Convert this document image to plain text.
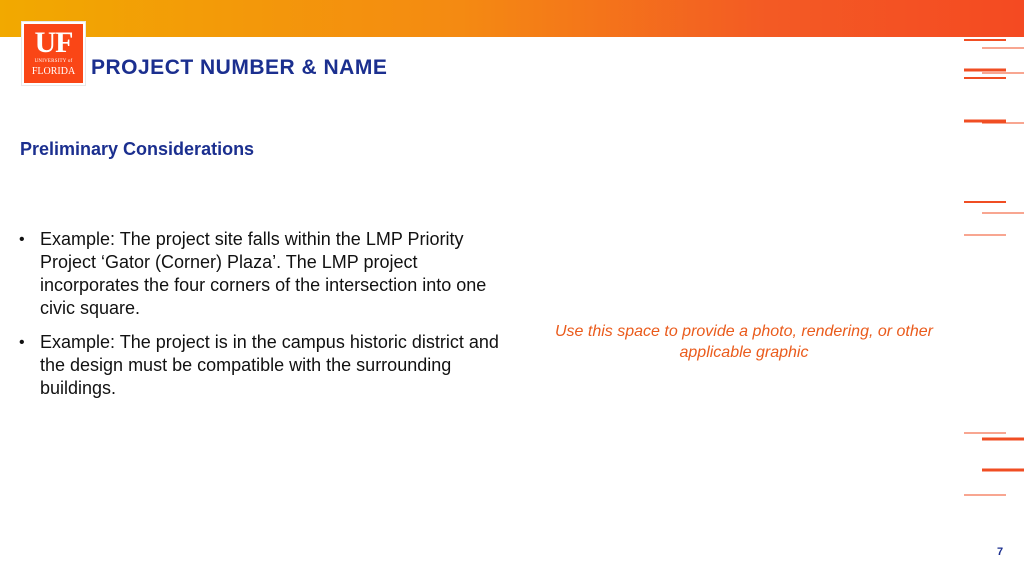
UF
UNIVERSITY of
FLORIDA PROJECT NUMBER & NAME
Preliminary Considerations
• Example: The project site falls within the LMP Priority Project ‘Gator (Corner) Plaza’. The LMP project incorporates the four corners of the intersection into one civic square.
• Example: The project is in the campus historic district and the design must be compatible with the surrounding buildings.

Use this space to provide a photo, rendering, or other applicable graphic

7
